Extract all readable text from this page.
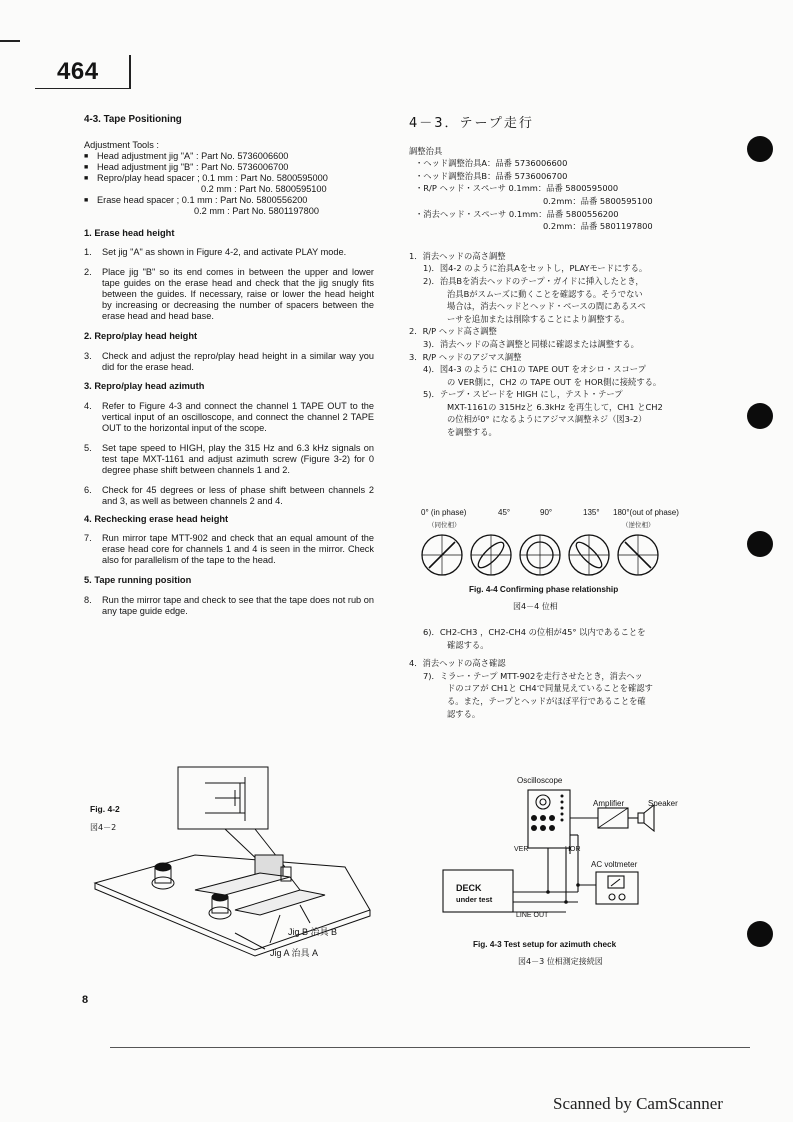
464
4-3. Tape Positioning

Adjustment Tools :

■ Head adjustment jig "A" : Part No. 5736006600
■ Head adjustment jig "B" : Part No. 5736006700
■ Repro/play head spacer ; 0.1 mm : Part No. 5800595000
0.2 mm : Part No. 5800595100
■ Erase head spacer ; 0.1 mm : Part No. 5800556200
0.2 mm : Part No. 5801197800

1. Erase head height

1.	Set jig "A" as shown in Figure 4-2, and activate PLAY mode.
2.	Place jig "B" so its end comes in between the upper and lower tape guides on the erase head and check that the jig snugly fits between the guides. If necessary, raise or lower the head height by increasing or decreasing the number of spacers between the erase head and head base.

2. Repro/play head height

3.	Check and adjust the repro/play head height in a similar way you did for the erase head.

3. Repro/play head azimuth

4.	Refer to Figure 4-3 and connect the channel 1 TAPE OUT to the vertical input of an oscilloscope, and connect the channel 2 TAPE OUT to the horizontal input of the scope.
5.	Set tape speed to HIGH, play the 315 Hz and 6.3 kHz signals on test tape MXT-1161 and adjust azimuth screw (Figure 3-2) for 0 degree phase shift between channels 1 and 2.
6.	Check for 45 degrees or less of phase shift between channels 2 and 3, as well as between channels 2 and 4.

4. Rechecking erase head height

7.	Run mirror tape MTT-902 and check that an equal amount of the erase head core for channels 1 and 4 is seen in the mirror. Check also for parallelism of the tape to the head.

5. Tape running position

8.	Run the mirror tape and check to see that the tape does not rub on any tape guide edge.
4－3．テープ走行
調整治具
・ヘッド調整治具A：品番 5736006600
・ヘッド調整治具B：品番 5736006700
・R/P ヘッド・スペーサ 0.1mm：品番 5800595000
0.2mm：品番 5800595100
・消去ヘッド・スペーサ 0.1mm：品番 5800556200
0.2mm：品番 5801197800
1．消去ヘッドの高さ調整
1)．図4-2 のように治具Aをセットし，PLAYモードにする。
2)．治具Bを消去ヘッドのテープ・ガイドに挿入したとき，
治具Bがスムーズに動くことを確認する。そうでない
場合は，消去ヘッドとヘッド・ベースの間にあるスペ
ーサを追加または削除することにより調整する。
2．R/P ヘッド高さ調整
3)．消去ヘッドの高さ調整と同様に確認または調整する。
3．R/P ヘッドのアジマス調整
4)．図4-3 のように CH1の TAPE OUT をオシロ・スコープ
の VER側に，CH2 の TAPE OUT を HOR側に接続する。
5)．テープ・スピードを HIGH にし，テスト・テープ
MXT-1161の 315Hzと 6.3kHz を再生して，CH1 とCH2
の位相が0° になるようにアジマス調整ネジ（図3-2）
を調整する。
0° (in phase)	45°	90°	135° 180°(out of phase)
（同位相）	（逆位相）
Fig. 4-4 Confirming phase relationship
図4－4 位相
6)．CH2-CH3 ，CH2-CH4 の位相が45° 以内であることを
確認する。
4．消去ヘッドの高さ確認
7)．ミラー・テープ MTT-902を走行させたとき，消去ヘッ
ドのコアが CH1と CH4で同量見えていることを確認す
る。また，テープとヘッドがほぼ平行であることを確
認する。
Fig. 4-2
図4－2
Jig B 治具 B
Jig A 治具 A
Oscilloscope
Amplifier	Speaker
VER	HOR
AC voltmeter
DECK
under test
LINE OUT
Fig. 4-3 Test setup for azimuth check
図4－3 位相測定接続図
8
Scanned by CamScanner
